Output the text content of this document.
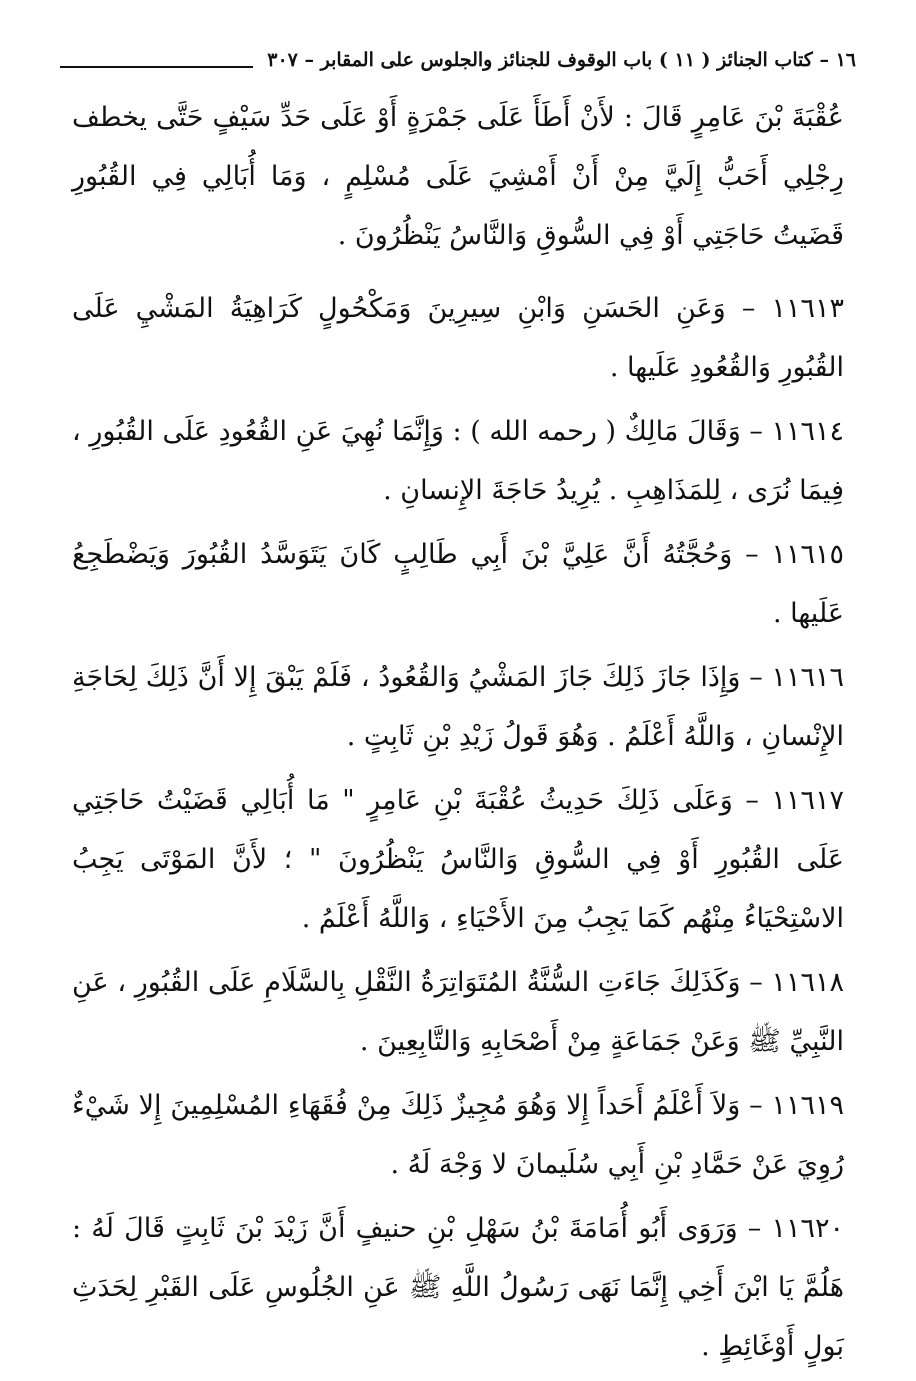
١٦ – كتاب الجنائز ( ١١ ) باب الوقوف للجنائز والجلوس على المقابر – ٣٠٧

عُقْبَةَ بْنَ عَامِرٍ قَالَ : لأَنْ أَطَأَ عَلَى جَمْرَةٍ أَوْ عَلَى حَدِّ سَيْفٍ حَتَّى يخطف رِجْلِي أَحَبُّ إِلَيَّ مِنْ أَنْ أَمْشِيَ عَلَى مُسْلِمٍ ، وَمَا أُبَالِي فِي القُبُورِ قَضَيتُ حَاجَتِي أَوْ فِي السُّوقِ وَالنَّاسُ يَنْظُرُونَ .

١١٦١٣ – وَعَنِ الحَسَنِ وَابْنِ سِيرِينَ وَمَكْحُولٍ كَرَاهِيَةُ المَشْيِ عَلَى القُبُورِ وَالقُعُودِ عَلَيها .

١١٦١٤ – وَقَالَ مَالِكٌ ( رحمه الله ) : وَإِنَّمَا نُهِيَ عَنِ القُعُودِ عَلَى القُبُورِ ، فِيمَا نُرَى ، لِلمَذَاهِبِ . يُرِيدُ حَاجَةَ الإِنسانِ .

١١٦١٥ – وَحُجَّتُهُ أَنَّ عَلِيَّ بْنَ أَبِي طَالِبٍ كَانَ يَتَوَسَّدُ القُبُورَ وَيَضْطَجِعُ عَلَيها .

١١٦١٦ – وَإِذَا جَازَ ذَلِكَ جَازَ المَشْيُ وَالقُعُودُ ، فَلَمْ يَبْقَ إِلا أَنَّ ذَلِكَ لِحَاجَةِ الإِنْسانِ ، وَاللَّهُ أَعْلَمُ . وَهُوَ قَولُ زَيْدِ بْنِ ثَابِتٍ .

١١٦١٧ – وَعَلَى ذَلِكَ حَدِيثُ عُقْبَةَ بْنِ عَامِرٍ " مَا أُبَالِي قَضَيْتُ حَاجَتِي عَلَى القُبُورِ أَوْ فِي السُّوقِ وَالنَّاسُ يَنْظُرُونَ " ؛ لأَنَّ المَوْتَى يَجِبُ الاسْتِحْيَاءُ مِنْهُم كَمَا يَجِبُ مِنَ الأَحْيَاءِ ، وَاللَّهُ أَعْلَمُ .

١١٦١٨ – وَكَذَلِكَ جَاءَتِ السُّنَّةُ المُتَوَاتِرَةُ النَّقْلِ بِالسَّلَامِ عَلَى القُبُورِ ، عَنِ النَّبِيِّ ﷺ وَعَنْ جَمَاعَةٍ مِنْ أَصْحَابِهِ وَالتَّابِعِينَ .

١١٦١٩ – وَلاَ أَعْلَمُ أَحَداً إِلا وَهُوَ مُجِيزٌ ذَلِكَ مِنْ فُقَهَاءِ المُسْلِمِينَ إِلا شَيْءٌ رُوِيَ عَنْ حَمَّادِ بْنِ أَبِي سُلَيمانَ لا وَجْهَ لَهُ .

١١٦٢٠ – وَرَوَى أَبُو أُمَامَةَ بْنُ سَهْلِ بْنِ حنيفٍ أَنَّ زَيْدَ بْنَ ثَابِتٍ قَالَ لَهُ : هَلُمَّ يَا ابْنَ أَخِي إِنَّمَا نَهَى رَسُولُ اللَّهِ ﷺ عَنِ الجُلُوسِ عَلَى القَبْرِ لِحَدَثِ بَولٍ أَوْغَائِطٍ .
